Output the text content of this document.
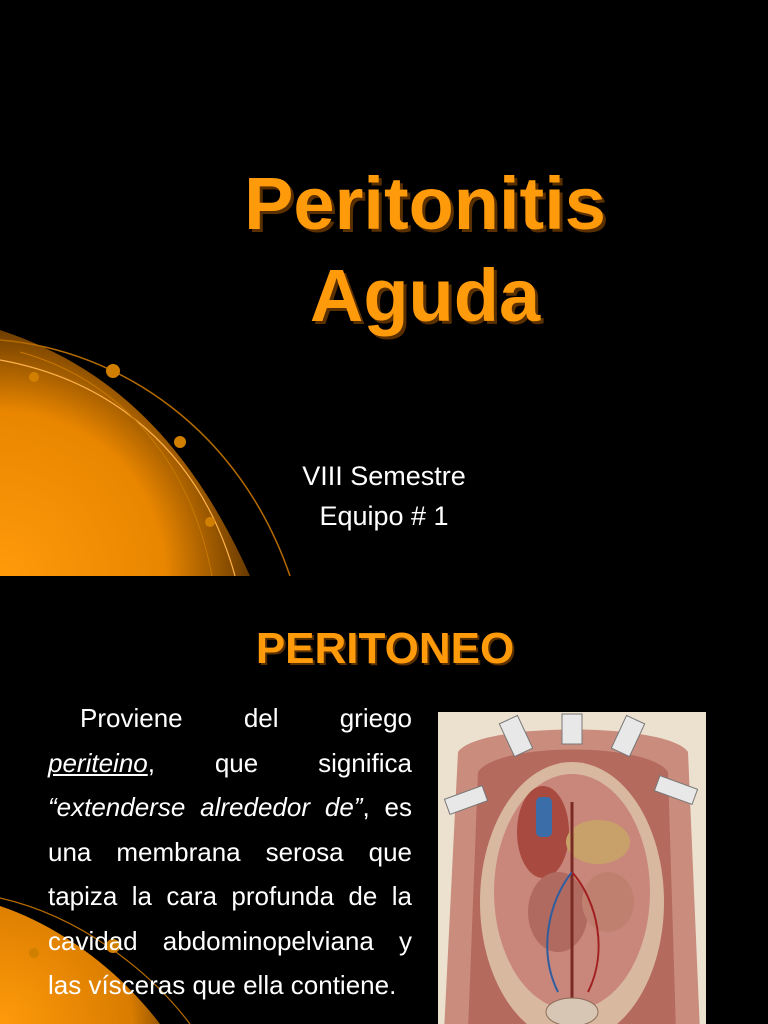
Peritonitis
Aguda
VIII Semestre
Equipo # 1
PERITONEO
Proviene del griego periteino, que significa “extenderse alrededor de”, es una membrana serosa que tapiza la cara profunda de la cavidad abdominopelviana y las vísceras que ella contiene.
